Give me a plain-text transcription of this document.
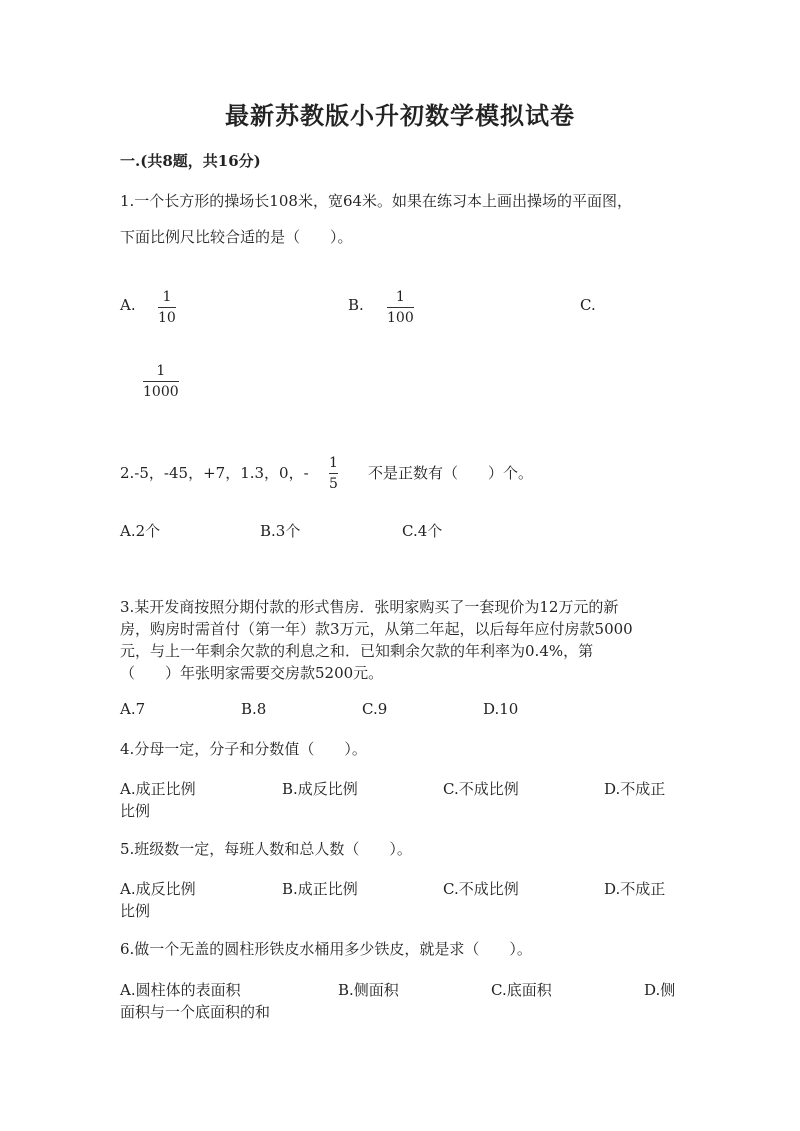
最新苏教版小升初数学模拟试卷
一.(共8题，共16分)
1.一个长方形的操场长108米，宽64米。如果在练习本上画出操场的平面图，
下面比例尺比较合适的是（　　）。
A. 1
10
B. 1
100
C.
1
1000
2.-5，-45，+7，1.3，0，-
1
5
不是正数有（　　）个。
A.2个	B.3个	C.4个
3.某开发商按照分期付款的形式售房．张明家购买了一套现价为12万元的新
房，购房时需首付（第一年）款3万元，从第二年起，以后每年应付房款5000
元，与上一年剩余欠款的利息之和．已知剩余欠款的年利率为0.4%，第
（　　）年张明家需要交房款5200元。
A.7	B.8	C.9	D.10
4.分母一定，分子和分数值（　　）。
A.成正比例	B.成反比例	C.不成比例	D.不成正
比例
5.班级数一定，每班人数和总人数（　　）。
A.成反比例	B.成正比例	C.不成比例	D.不成正
比例
6.做一个无盖的圆柱形铁皮水桶用多少铁皮，就是求（　　）。
A.圆柱体的表面积	B.侧面积	C.底面积	D.侧
面积与一个底面积的和
